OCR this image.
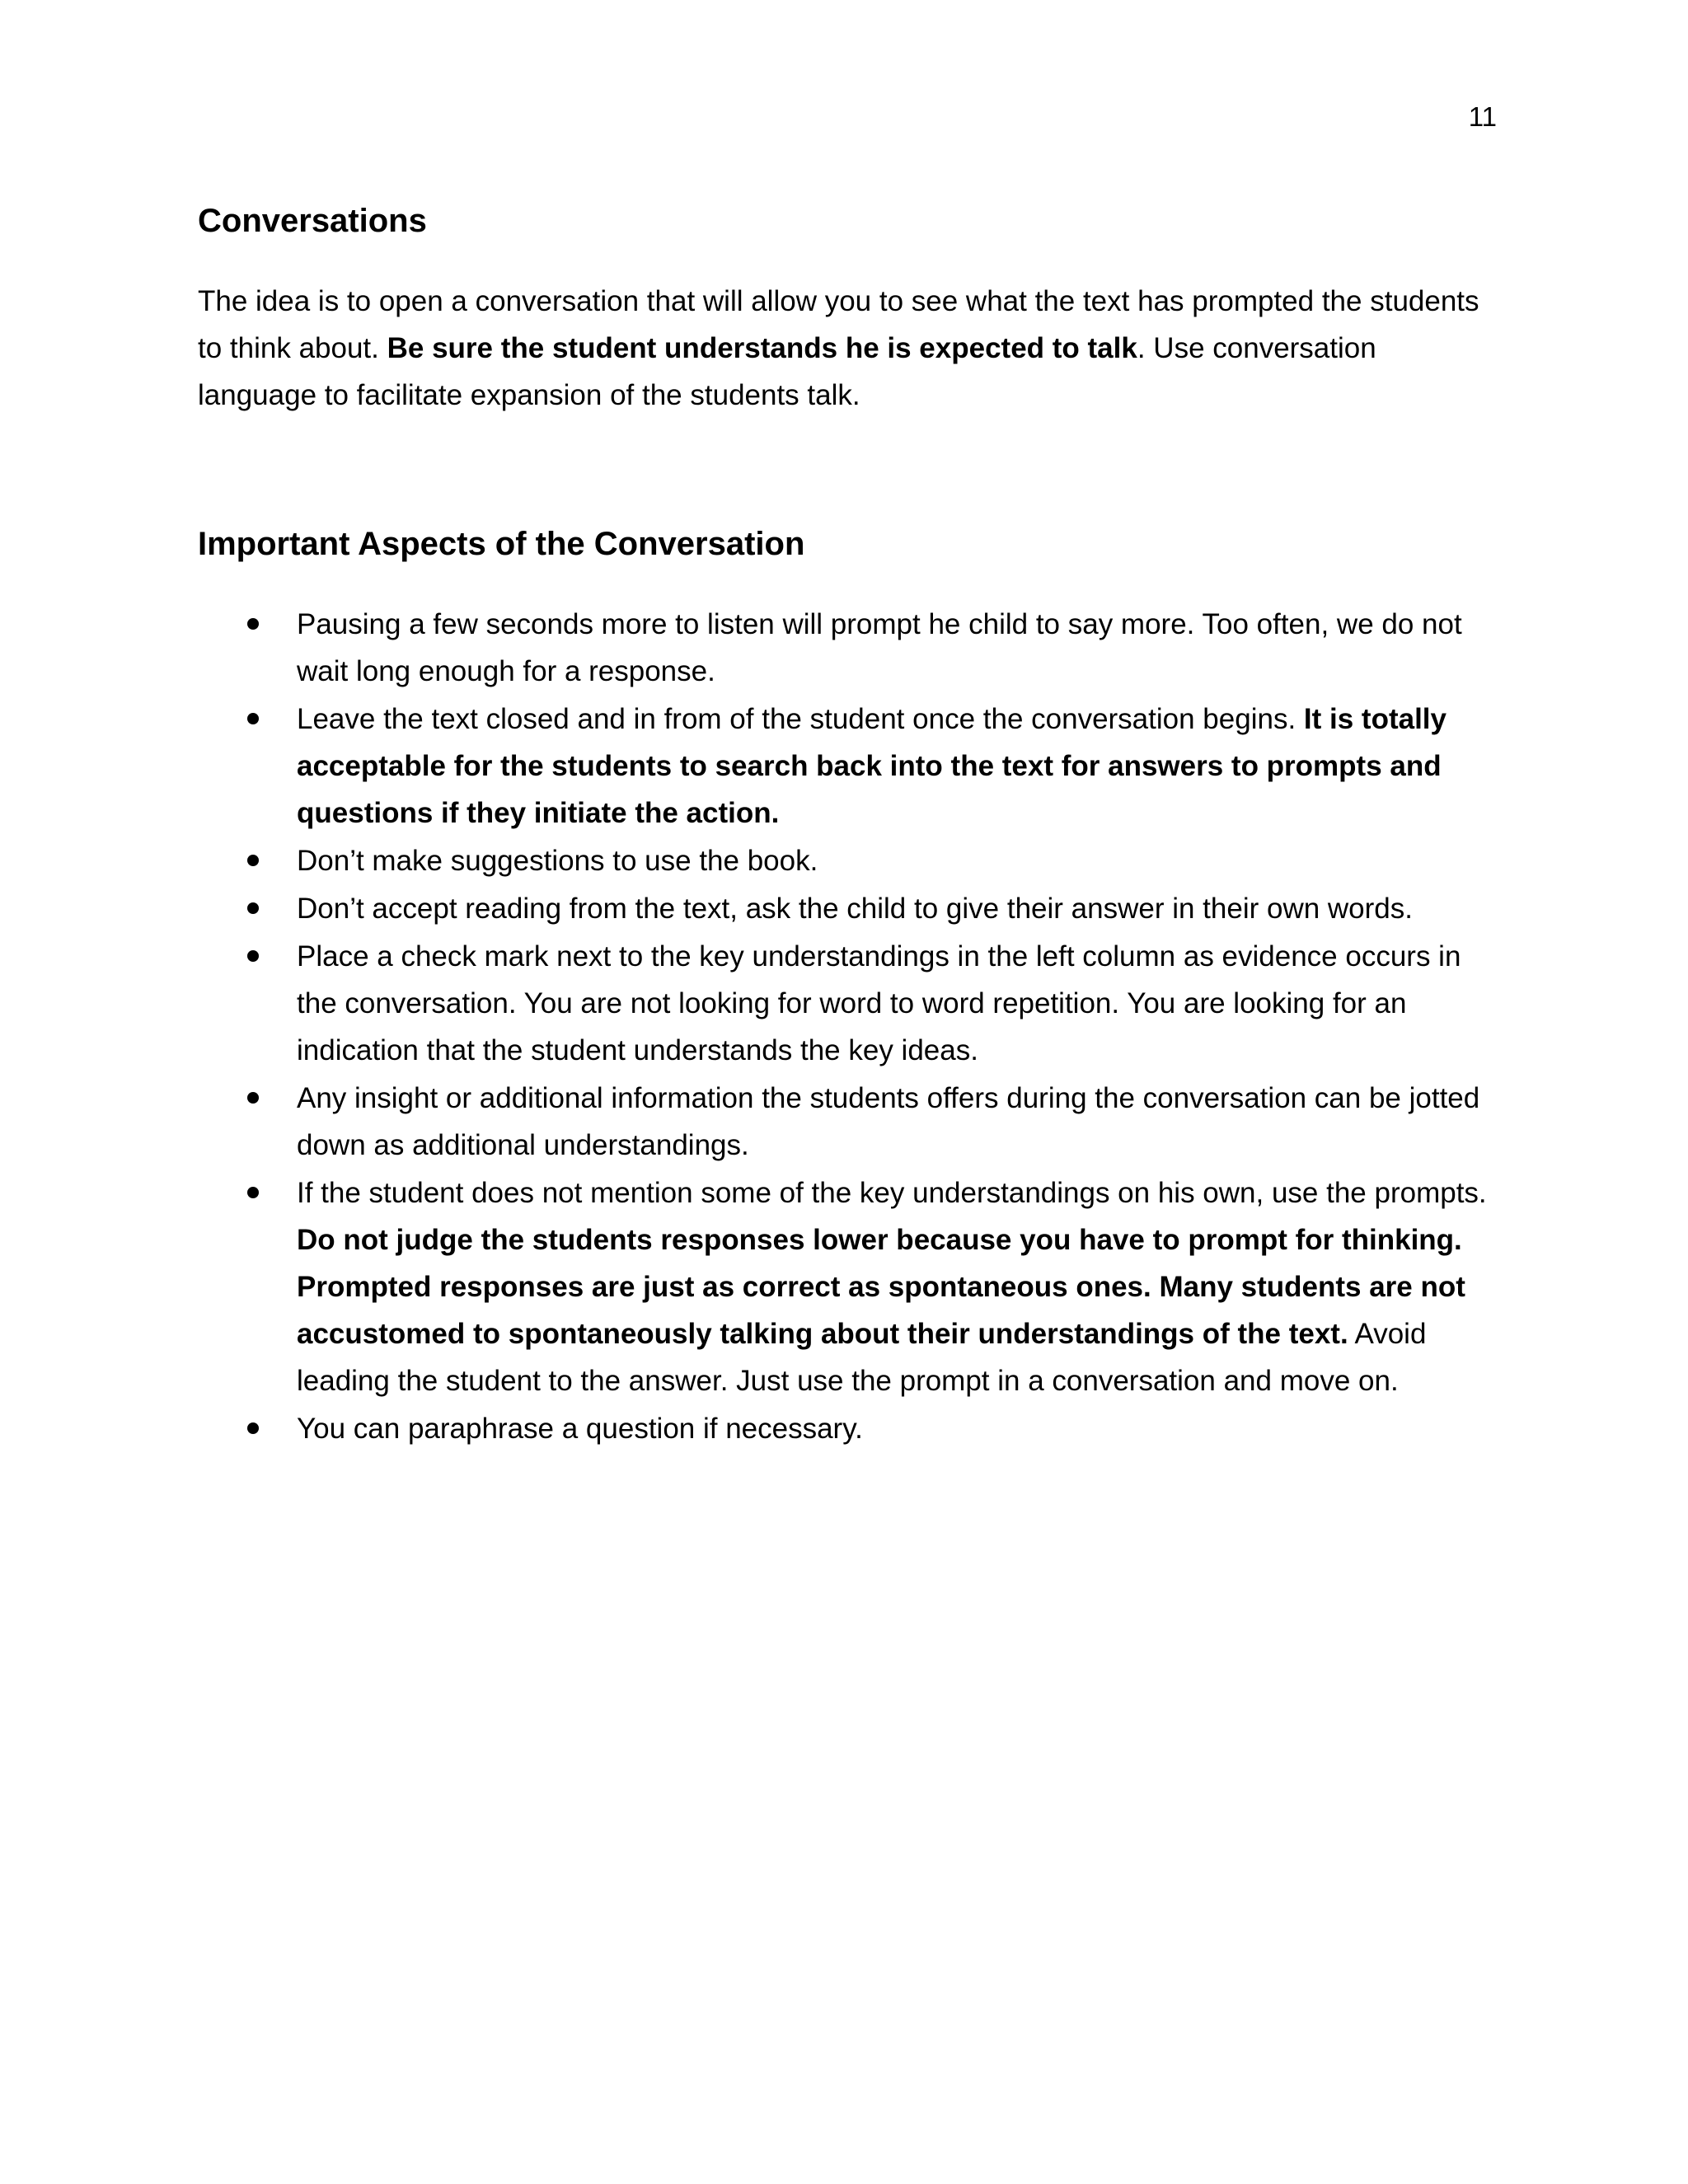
11
Conversations

The idea is to open a conversation that will allow you to see what the text has prompted the students to think about. Be sure the student understands he is expected to talk. Use conversation language to facilitate expansion of the students talk.

Important Aspects of the Conversation
Pausing a few seconds more to listen will prompt he child to say more. Too often, we do not wait long enough for a response.
Leave the text closed and in from of the student once the conversation begins. It is totally acceptable for the students to search back into the text for answers to prompts and questions if they initiate the action.
Don’t make suggestions to use the book.
Don’t accept reading from the text, ask the child to give their answer in their own words.
Place a check mark next to the key understandings in the left column as evidence occurs in the conversation. You are not looking for word to word repetition. You are looking for an indication that the student understands the key ideas.
Any insight or additional information the students offers during the conversation can be jotted down as additional understandings.
If the student does not mention some of the key understandings on his own, use the prompts. Do not judge the students responses lower because you have to prompt for thinking. Prompted responses are just as correct as spontaneous ones. Many students are not accustomed to spontaneously talking about their understandings of the text. Avoid leading the student to the answer. Just use the prompt in a conversation and move on.
You can paraphrase a question if necessary.
